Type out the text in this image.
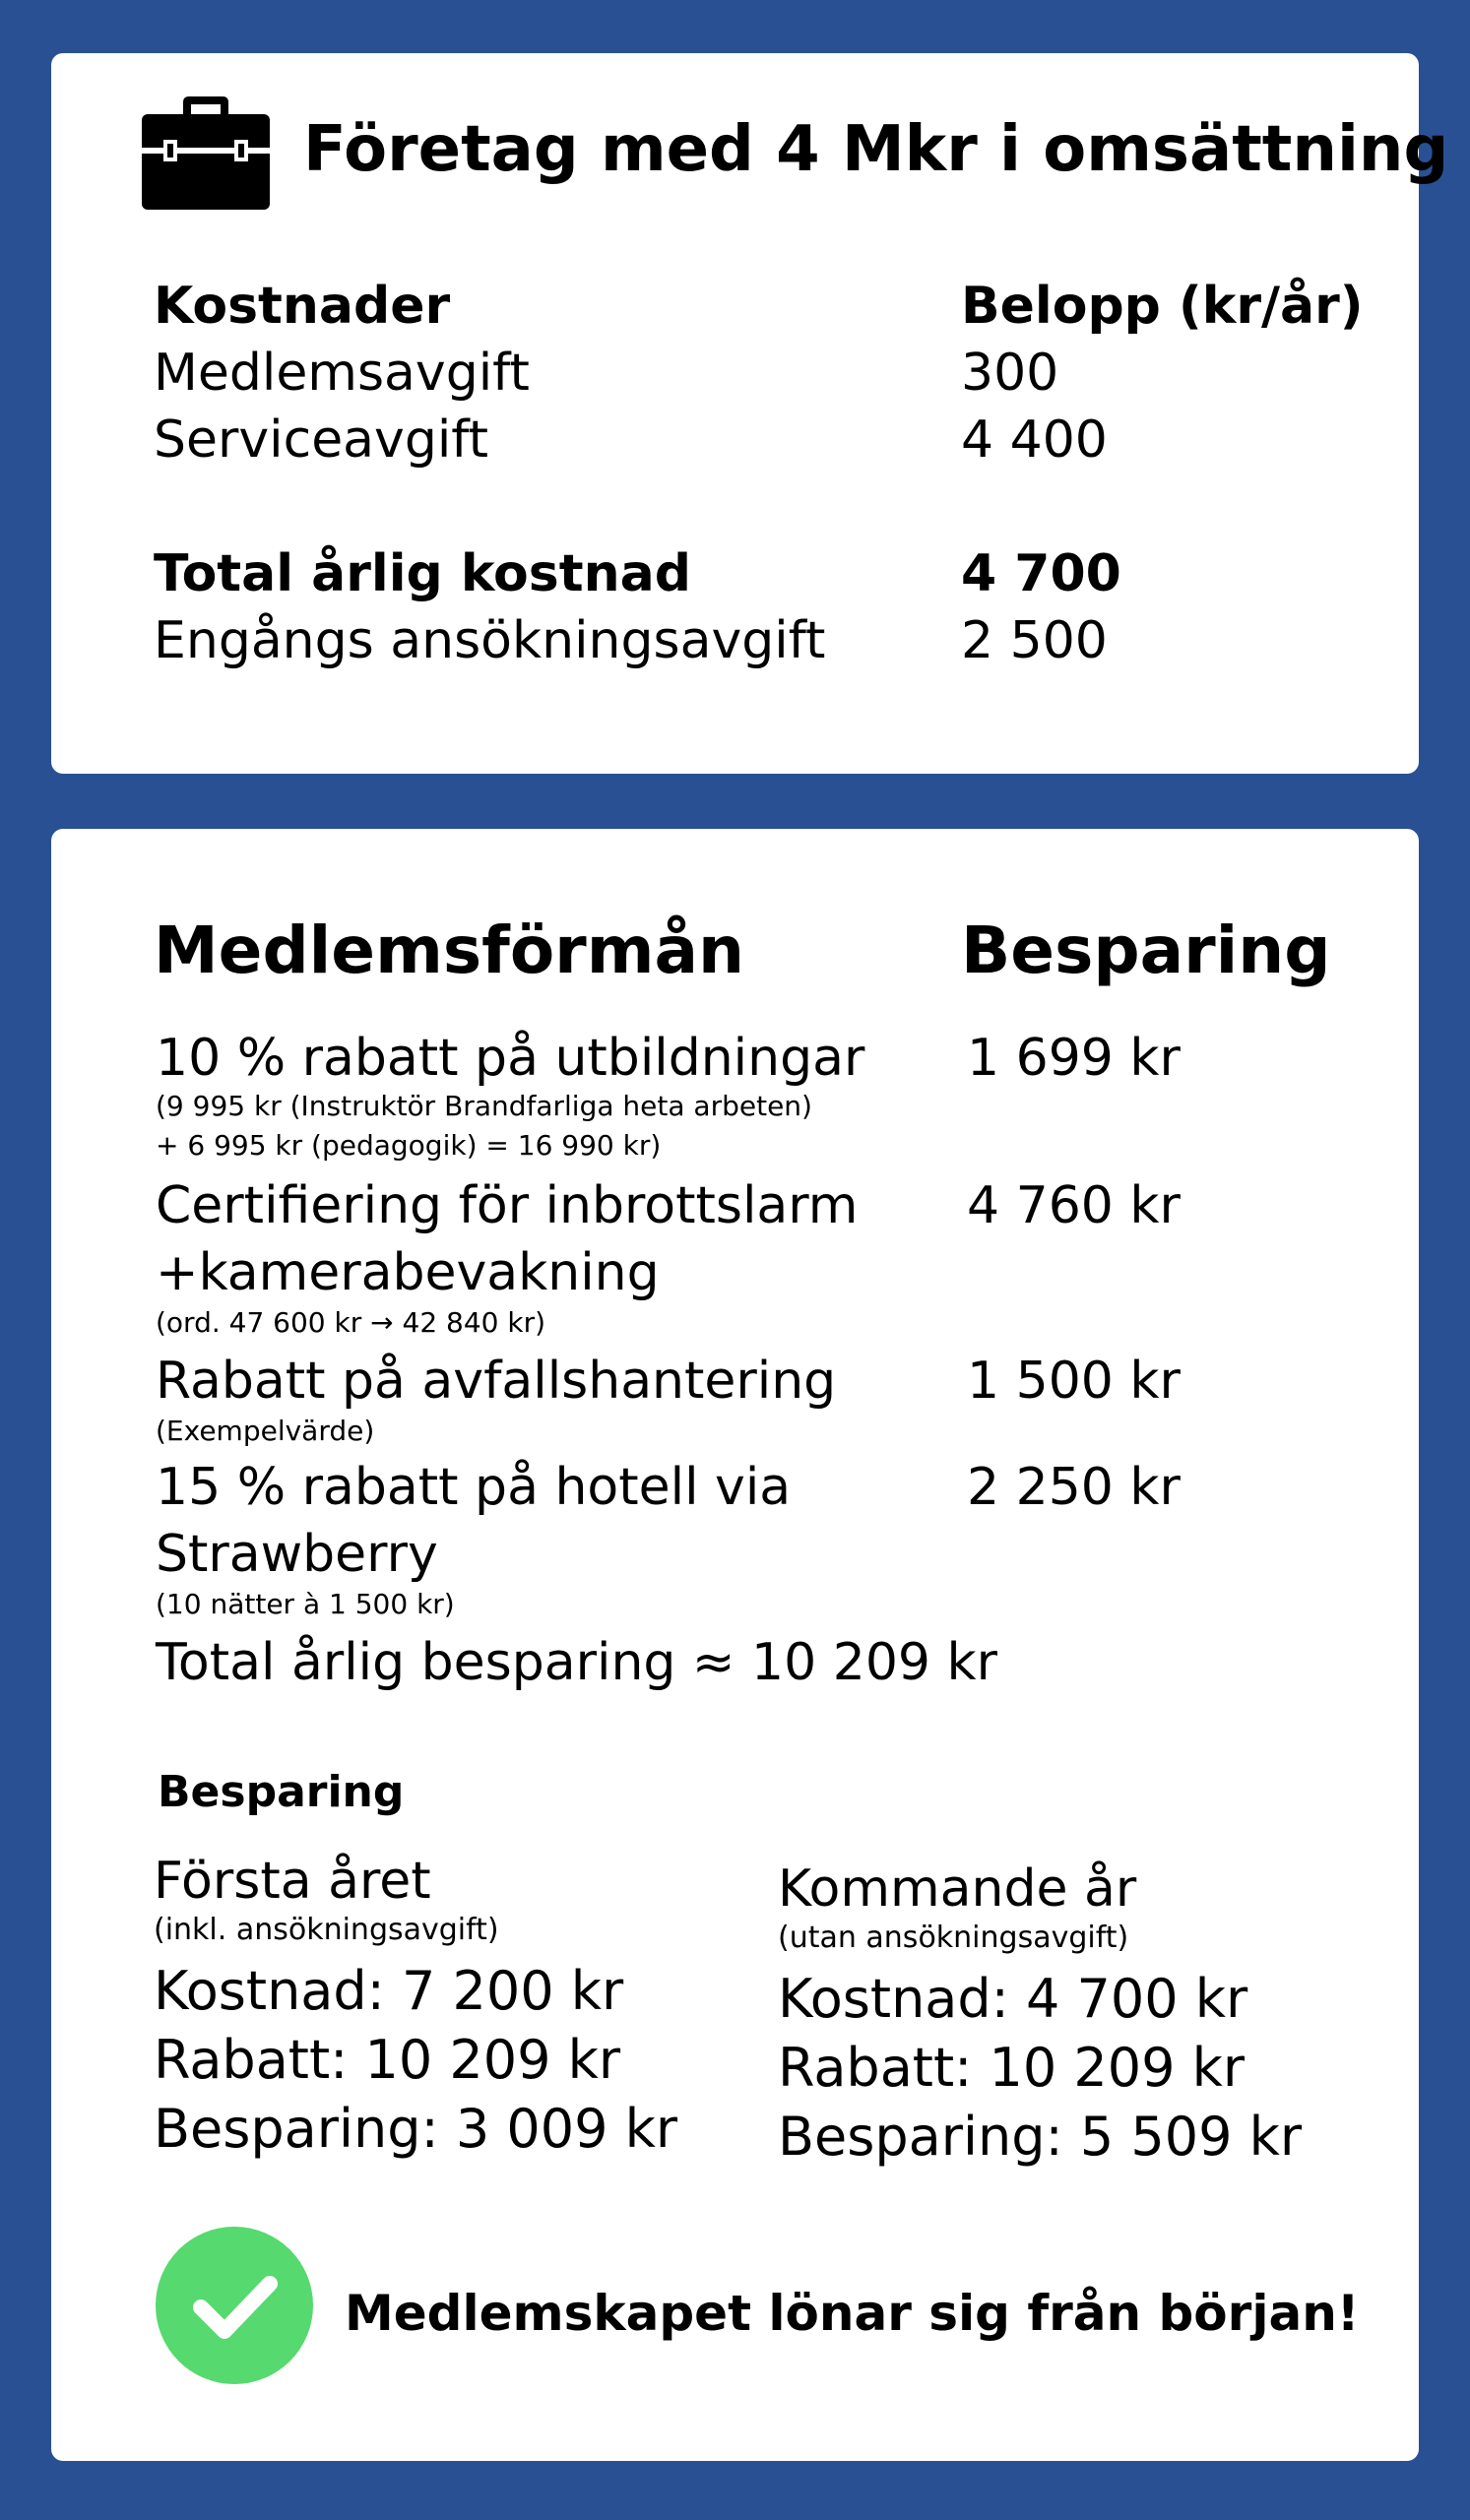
Företag med 4 Mkr i omsättning
Kostnader	Belopp (kr/år)
Medlemsavgift	300
Serviceavgift	4 400
Total årlig kostnad	4 700
Engångs ansökningsavgift	2 500
Medlemsförmån	Besparing
10 % rabatt på utbildningar
(9 995 kr (Instruktör Brandfarliga heta arbeten)
+ 6 995 kr (pedagogik) = 16 990 kr)
1 699 kr
Certifiering för inbrottslarm
+kamerabevakning
(ord. 47 600 kr → 42 840 kr)
4 760 kr
Rabatt på avfallshantering
(Exempelvärde)
1 500 kr
15 % rabatt på hotell via
Strawberry
(10 nätter à 1 500 kr)
2 250 kr
Total årlig besparing ≈ 10 209 kr
Besparing
Första året
(inkl. ansökningsavgift)
Kostnad: 7 200 kr
Rabatt: 10 209 kr
Besparing: 3 009 kr
Kommande år
(utan ansökningsavgift)
Kostnad: 4 700 kr
Rabatt: 10 209 kr
Besparing: 5 509 kr
Medlemskapet lönar sig från början!
